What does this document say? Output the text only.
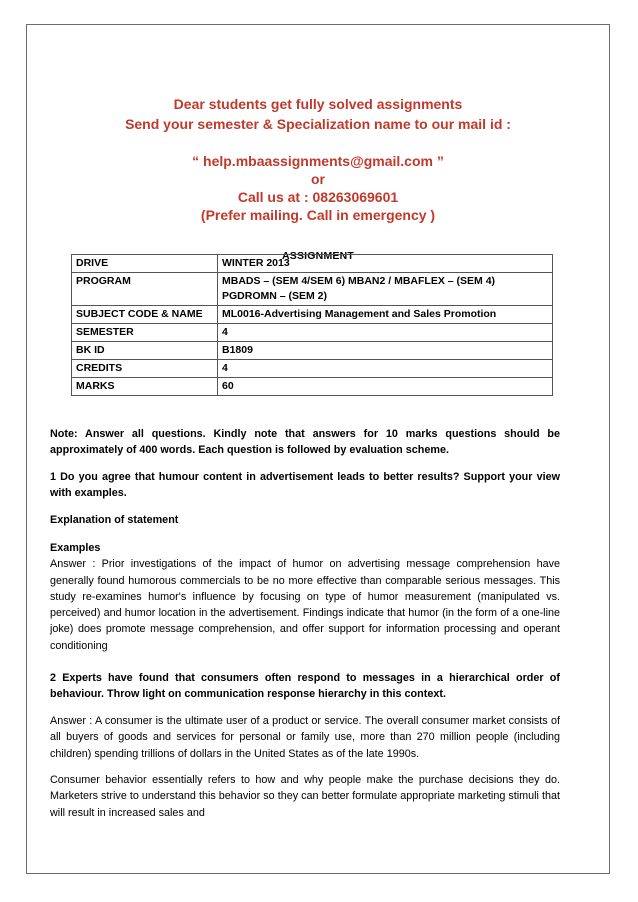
Dear students get fully solved assignments
Send your semester & Specialization name to our mail id :
“ help.mbaassignments@gmail.com ”
or
Call us at : 08263069601
(Prefer mailing. Call in emergency )
ASSIGNMENT
DRIVE	WINTER 2013
PROGRAM	MBADS – (SEM 4/SEM 6) MBAN2 / MBAFLEX – (SEM 4) PGDROMN – (SEM 2)
SUBJECT CODE & NAME	ML0016-Advertising Management and Sales Promotion
SEMESTER	4
BK ID	B1809
CREDITS	4
MARKS	60

Note: Answer all questions. Kindly note that answers for 10 marks questions should be approximately of 400 words. Each question is followed by evaluation scheme.

1 Do you agree that humour content in advertisement leads to better results? Support your view with examples.

Explanation of statement

Examples

Answer : Prior investigations of the impact of humor on advertising message comprehension have generally found humorous commercials to be no more effective than comparable serious messages. This study re-examines humor's influence by focusing on type of humor measurement (manipulated vs. perceived) and humor location in the advertisement. Findings indicate that humor (in the form of a one-line joke) does promote message comprehension, and offer support for information processing and operant conditioning

2 Experts have found that consumers often respond to messages in a hierarchical order of behaviour. Throw light on communication response hierarchy in this context.

Answer : A consumer is the ultimate user of a product or service. The overall consumer market consists of all buyers of goods and services for personal or family use, more than 270 million people (including children) spending trillions of dollars in the United States as of the late 1990s.

Consumer behavior essentially refers to how and why people make the purchase decisions they do. Marketers strive to understand this behavior so they can better formulate appropriate marketing stimuli that will result in increased sales and
